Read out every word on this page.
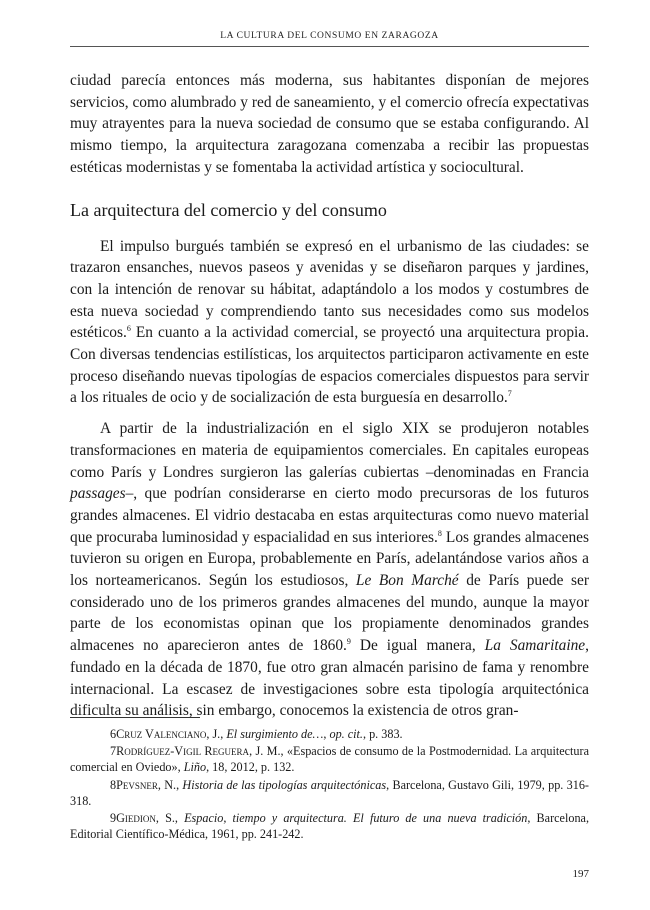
LA CULTURA DEL CONSUMO EN ZARAGOZA

ciudad parecía entonces más moderna, sus habitantes disponían de mejores servicios, como alumbrado y red de saneamiento, y el comercio ofrecía expectativas muy atrayentes para la nueva sociedad de consumo que se estaba configurando. Al mismo tiempo, la arquitectura zaragozana comenzaba a recibir las propuestas estéticas modernistas y se fomentaba la actividad artística y sociocultural.

La arquitectura del comercio y del consumo

El impulso burgués también se expresó en el urbanismo de las ciudades: se trazaron ensanches, nuevos paseos y avenidas y se diseñaron parques y jardines, con la intención de renovar su hábitat, adaptándolo a los modos y costumbres de esta nueva sociedad y comprendiendo tanto sus necesidades como sus modelos estéticos.$^6$ En cuanto a la actividad comercial, se proyectó una arquitectura propia. Con diversas tendencias estilísticas, los arquitectos participaron activamente en este proceso diseñando nuevas tipologías de espacios comerciales dispuestos para servir a los rituales de ocio y de socialización de esta burguesía en desarrollo.$^7$

A partir de la industrialización en el siglo XIX se produjeron notables transformaciones en materia de equipamientos comerciales. En capitales europeas como París y Londres surgieron las galerías cubiertas –denominadas en Francia passages–, que podrían considerarse en cierto modo precursoras de los futuros grandes almacenes. El vidrio destacaba en estas arquitecturas como nuevo material que procuraba luminosidad y espacialidad en sus interiores.$^8$ Los grandes almacenes tuvieron su origen en Europa, probablemente en París, adelantándose varios años a los norteamericanos. Según los estudiosos, Le Bon Marché de París puede ser considerado uno de los primeros grandes almacenes del mundo, aunque la mayor parte de los economistas opinan que los propiamente denominados grandes almacenes no aparecieron antes de 1860.$^9$ De igual manera, La Samaritaine, fundado en la década de 1870, fue otro gran almacén parisino de fama y renombre internacional. La escasez de investigaciones sobre esta tipología arquitectónica dificulta su análisis, sin embargo, conocemos la existencia de otros gran-

6Cruz Valenciano, J., El surgimiento de…, op. cit., p. 383.

7Rodríguez-Vigil Reguera, J. M., «Espacios de consumo de la Postmodernidad. La arquitectura comercial en Oviedo», Liño, 18, 2012, p. 132.

8Pevsner, N., Historia de las tipologías arquitectónicas, Barcelona, Gustavo Gili, 1979, pp. 316-318.

9Giedion, S., Espacio, tiempo y arquitectura. El futuro de una nueva tradición, Barcelona, Editorial Científico-Médica, 1961, pp. 241-242.

197
